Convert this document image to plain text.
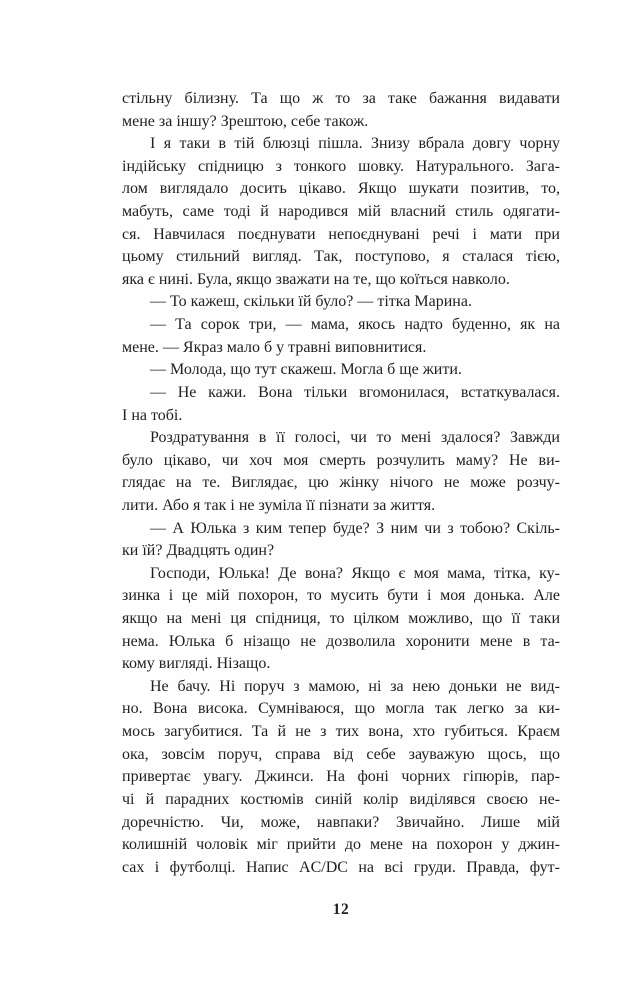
стільну білизну. Та що ж то за таке бажання видавати
мене за іншу? Зрештою, себе також.
І я таки в тій блюзці пішла. Знизу вбрала довгу чорну
індійську спідницю з тонкого шовку. Натурального. Зага-
лом виглядало досить цікаво. Якщо шукати позитив, то,
мабуть, саме тоді й народився мій власний стиль одягати-
ся. Навчилася поєднувати непоєднувані речі і мати при
цьому стильний вигляд. Так, поступово, я сталася тією,
яка є нині. Була, якщо зважати на те, що коїться навколо.
— То кажеш, скільки їй було? — тітка Марина.
— Та сорок три, — мама, якось надто буденно, як на
мене. — Якраз мало б у травні виповнитися.
— Молода, що тут скажеш. Могла б ще жити.
— Не кажи. Вона тільки вгомонилася, встаткувалася.
І на тобі.
Роздратування в її голосі, чи то мені здалося? Завжди
було цікаво, чи хоч моя смерть розчулить маму? Не ви-
глядає на те. Виглядає, цю жінку нічого не може розчу-
лити. Або я так і не зуміла її пізнати за життя.
— А Юлька з ким тепер буде? З ним чи з тобою? Скіль-
ки їй? Двадцять один?
Господи, Юлька! Де вона? Якщо є моя мама, тітка, ку-
зинка і це мій похорон, то мусить бути і моя донька. Але
якщо на мені ця спідниця, то цілком можливо, що її таки
нема. Юлька б нізащо не дозволила хоронити мене в та-
кому вигляді. Нізащо.
Не бачу. Ні поруч з мамою, ні за нею доньки не вид-
но. Вона висока. Сумніваюся, що могла так легко за ки-
мось загубитися. Та й не з тих вона, хто губиться. Краєм
ока, зовсім поруч, справа від себе зауважую щось, що
привертає увагу. Джинси. На фоні чорних гіпюрів, пар-
чі й парадних костюмів синій колір виділявся своєю не-
доречністю. Чи, може, навпаки? Звичайно. Лише мій
колишній чоловік міг прийти до мене на похорон у джин-
сах і футболці. Напис AC/DC на всі груди. Правда, фут-
12
